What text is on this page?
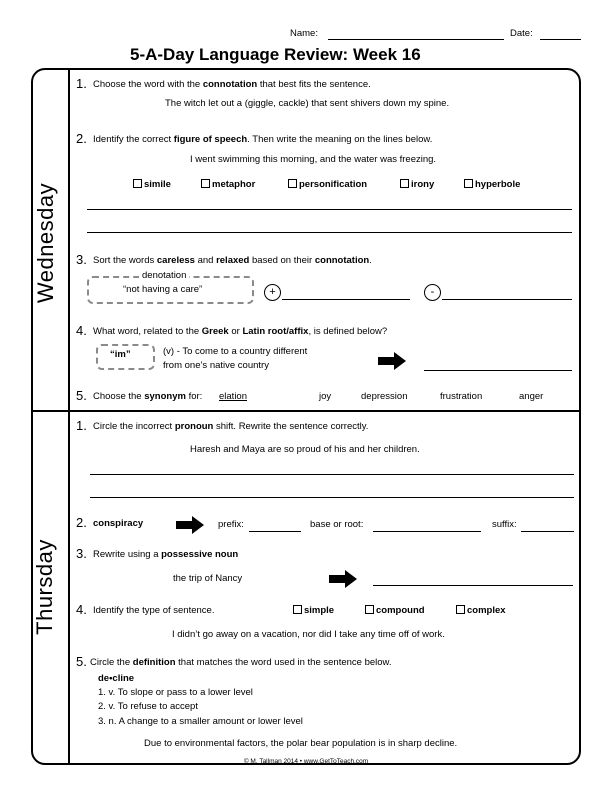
Name:	Date:
5-A-Day Language Review: Week 16
Wednesday
Thursday
1. Choose the word with the connotation that best fits the sentence.
The witch let out a (giggle, cackle) that sent shivers down my spine.
2. Identify the correct figure of speech. Then write the meaning on the lines below.
I went swimming this morning, and the water was freezing.
simile	metaphor	personification	irony	hyperbole
3. Sort the words careless and relaxed based on their connotation.
denotation
“not having a care”	+	-
4. What word, related to the Greek or Latin root/affix, is defined below?
“im”	(v) - To come to a country different
from one’s native country
5. Choose the synonym for: elation	joy	depression	frustration	anger
1. Circle the incorrect pronoun shift. Rewrite the sentence correctly.
Haresh and Maya are so proud of his and her children.
2. conspiracy	prefix:	base or root:	suffix:
3. Rewrite using a possessive noun
the trip of Nancy
4. Identify the type of sentence.	simple	compound	complex
I didn’t go away on a vacation, nor did I take any time off of work.
5. Circle the definition that matches the word used in the sentence below.
de•cline
1. v. To slope or pass to a lower level
2. v. To refuse to accept
3. n. A change to a smaller amount or lower level
Due to environmental factors, the polar bear population is in sharp decline.
© M. Tallman 2014 • www.GetToTeach.com
